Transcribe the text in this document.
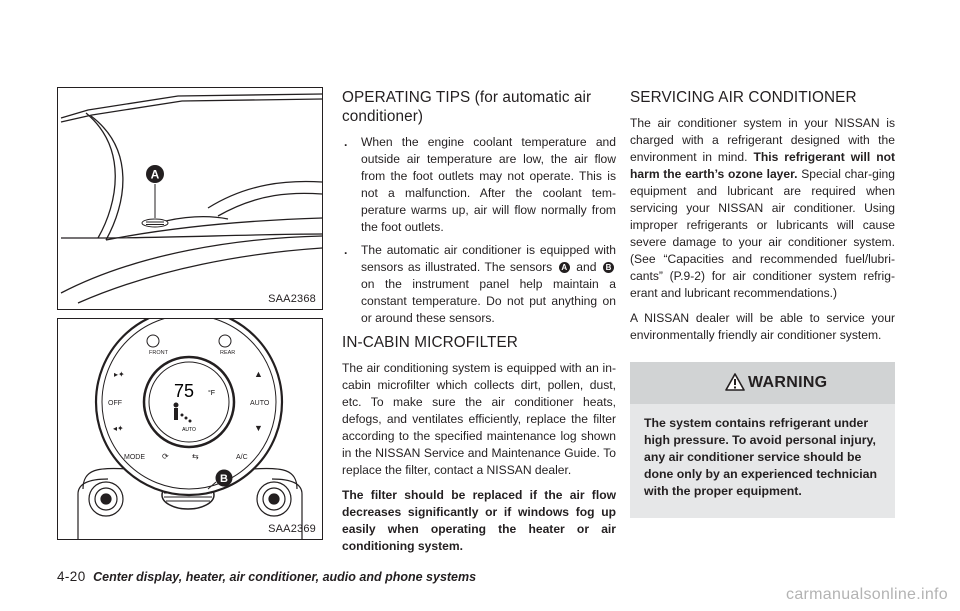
A
SAA2368
75 °F
AUTO
FRONT	REAR
▸✦
OFF
◂✦
▲
AUTO
▼
MODE	A/C
⟳	⇆
B
SAA2369
OPERATING TIPS (for automatic air conditioner)
. When the engine coolant temperature and outside air temperature are low, the air flow from the foot outlets may not operate. This is not a malfunction. After the coolant tem-perature warms up, air will flow normally from the foot outlets.
. The automatic air conditioner is equipped with sensors as illustrated. The sensors A and B on the instrument panel help maintain a constant temperature. Do not put anything on or around these sensors.
IN-CABIN MICROFILTER

The air conditioning system is equipped with an in-cabin microfilter which collects dirt, pollen, dust, etc. To make sure the air conditioner heats, defogs, and ventilates efficiently, replace the filter according to the specified maintenance log shown in the NISSAN Service and Maintenance Guide. To replace the filter, contact a NISSAN dealer.

The filter should be replaced if the air flow decreases significantly or if windows fog up easily when operating the heater or air conditioning system.

SERVICING AIR CONDITIONER

The air conditioner system in your NISSAN is charged with a refrigerant designed with the environment in mind. This refrigerant will not harm the earth’s ozone layer. Special char-ging equipment and lubricant are required when servicing your NISSAN air conditioner. Using improper refrigerants or lubricants will cause severe damage to your air conditioner system. (See “Capacities and recommended fuel/lubri-cants” (P.9-2) for air conditioner system refrig-erant and lubricant recommendations.)

A NISSAN dealer will be able to service your environmentally friendly air conditioner system.

WARNING
The system contains refrigerant under high pressure. To avoid personal injury, any air conditioner service should be done only by an experienced technician with the proper equipment.
4-20 Center display, heater, air conditioner, audio and phone systems
carmanualsonline.info
